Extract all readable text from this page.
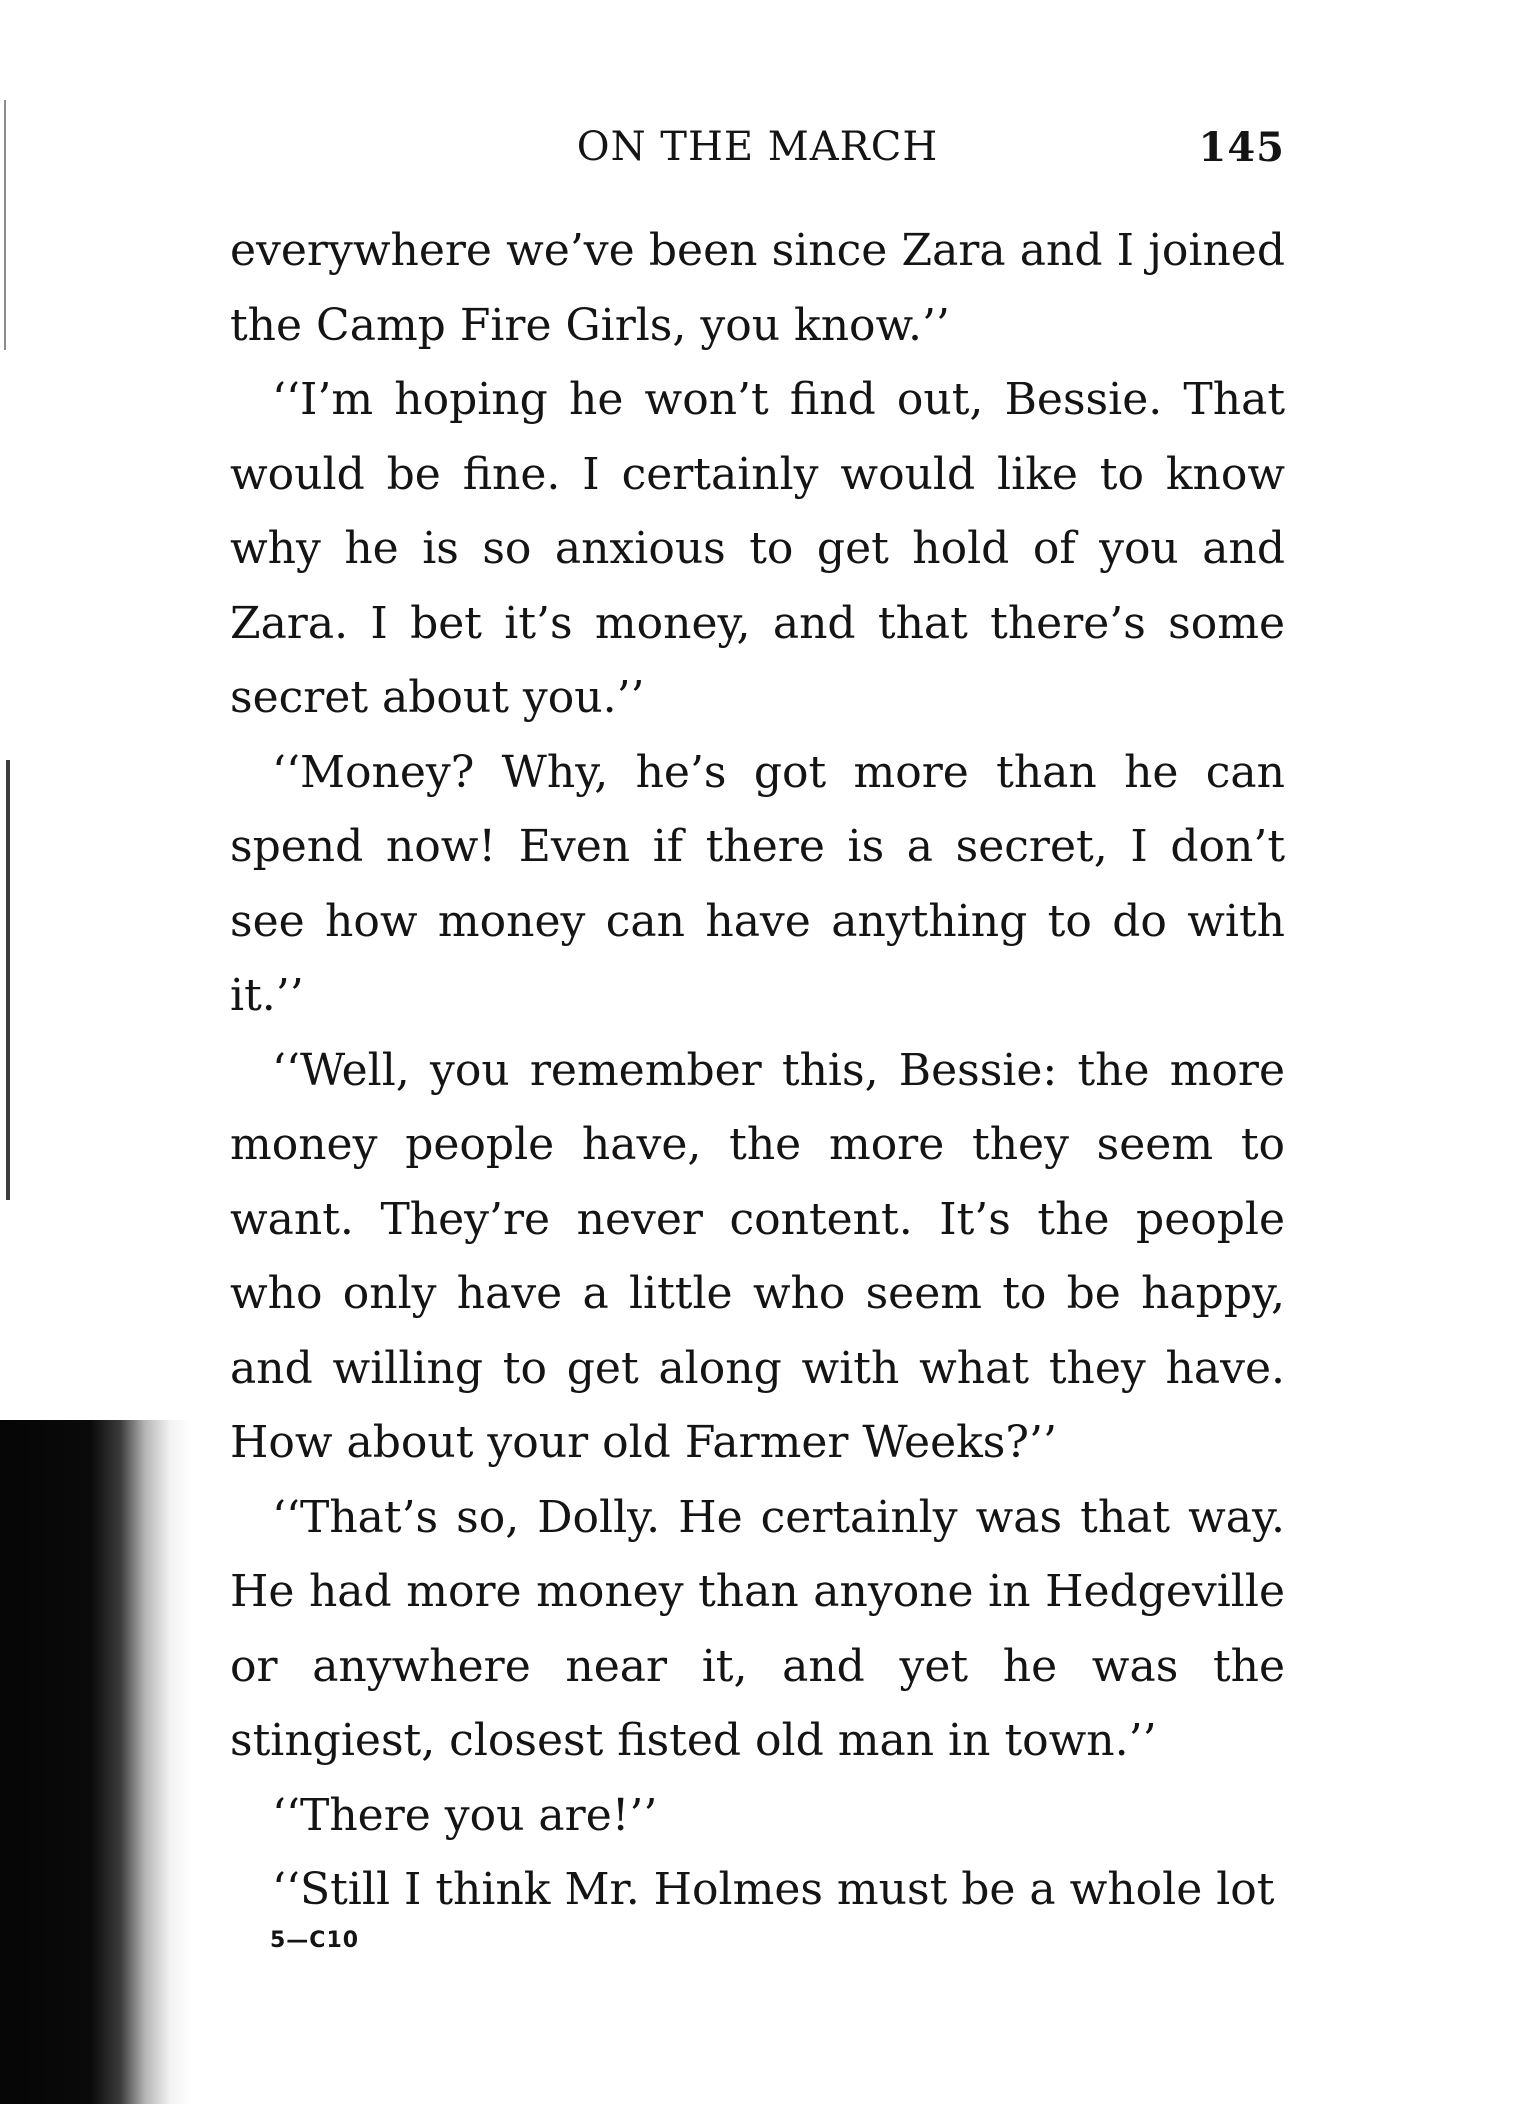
ON THE MARCH	145

everywhere we’ve been since Zara and I joined the Camp Fire Girls, you know.’’

‘‘I’m hoping he won’t find out, Bessie. That would be fine. I certainly would like to know why he is so anxious to get hold of you and Zara. I bet it’s money, and that there’s some secret about you.’’

‘‘Money? Why, he’s got more than he can spend now! Even if there is a secret, I don’t see how money can have anything to do with it.’’

‘‘Well, you remember this, Bessie: the more money people have, the more they seem to want. They’re never content. It’s the people who only have a little who seem to be happy, and willing to get along with what they have. How about your old Farmer Weeks?’’

‘‘That’s so, Dolly. He certainly was that way. He had more money than anyone in Hedgeville or anywhere near it, and yet he was the stingiest, closest fisted old man in town.’’

‘‘There you are!’’

‘‘Still I think Mr. Holmes must be a whole lot

5—C10
